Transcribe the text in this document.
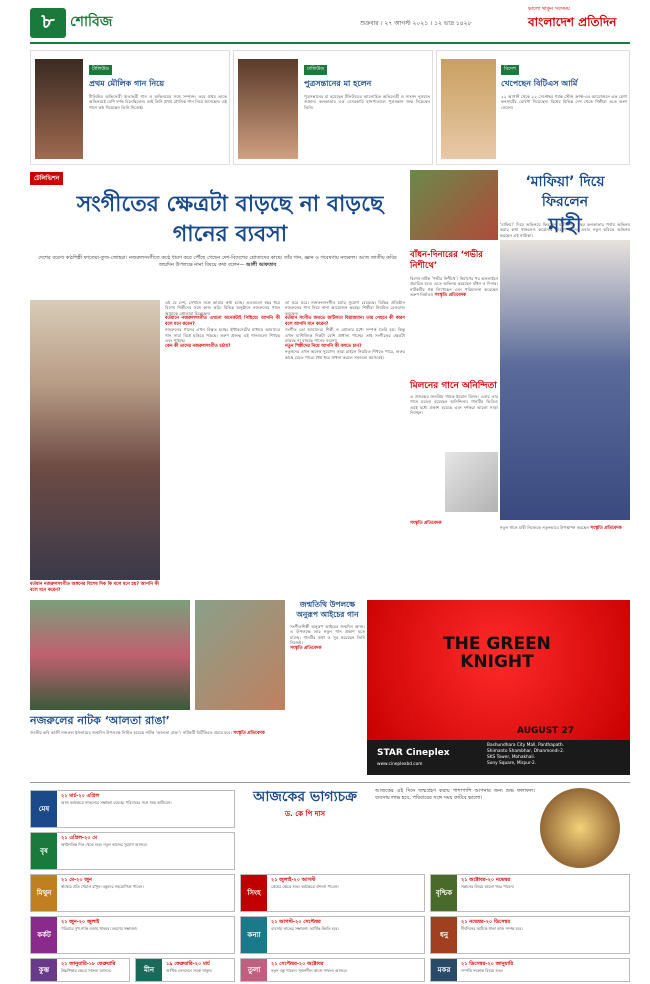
৮	শোবিজ	শুক্রবার । ২৭ আগস্ট ২০২১ । ১২ ভাদ্র ১৪২৮
ভালো থাকুন সবসময়
বাংলাদেশ প্রতিদিন
টালিউড
প্রথম মৌলিক গান নিয়ে
টালিউড অভিনেত্রী ঋতাভরী গান ও অভিনয়ের সঙ্গে সম্পৃক্ত। তবে প্রথম তাকে অভিনয়েই বেশি দর্শক চিনেছিলেন। তাই তিনি প্রথম মৌলিক গান নিয়ে আসছেন। এই গানে কণ্ঠ দিয়েছেন তিনি নিজেই।
ঢালিউড
পুত্রসন্তানের মা হলেন
পুত্রসন্তানের মা হয়েছেন টলিউডের আলোচিত অভিনেত্রী ও সাংসদ নুসরাত জাহান। কলকাতার এক বেসরকারি হাসপাতালে পুত্রসন্তান জন্ম দিয়েছেন তিনি।
বিদেশ
খেপেছেন বিটিএস আর্মি
২২ আগস্ট থেকে ২২ সেপ্টেম্বর পর্যন্ত স্টেজ ক্রাফ্ট-এর আয়োজনে এক মেগা কনসার্টের ঘোষণা দিয়েছেন। বিশ্বের বিভিন্ন দেশ থেকে শিল্পীরা এতে অংশ নেবেন।
টেলিভিশন
সংগীতের ক্ষেত্রটা বাড়ছে না বাড়ছে গানের ব্যবসা
দেশের বরেণ্য কণ্ঠশিল্পী ফাতেমা-তুজ-জোহরা। নজরুলসংগীতে কণ্ঠে ধারণ করে পৌঁছে গেছেন দেশ-বিদেশের শ্রোতাদের কাছে। তাঁর গান, জ্ঞান ও গবেষণায় নজরুল। আজ জাতীয় কবির জন্মদিন উপলক্ষে নানা বিষয়ে কথা বলেন— আলী আফতাব
বর্তমান নজরুলসংগীত অঙ্গনের বিশেষ দিক কি বলে মনে হয়? আপনি কী বলে মনে করেন?

এই যে দেশ, সেখানে সঙ্গে আমার কথা হচ্ছে। এতগুলো বছর ধরে বিশেষ শিল্পীদের সঙ্গে কাজ করি। বিভিন্ন অনুষ্ঠানে নজরুলের গানে আমাকে শ্রোতারা চিনেছেন।

বর্তমানে নজরুলসংগীত এখনো অনেকটাই পিছিয়ে। আপনি কী বলে মনে করেন?

নজরুলের গানের এখন বিস্তৃত হচ্ছে। ইন্টারনেটের মাধ্যমে আমাদের গান সারা বিশ্বে ছড়িয়ে পড়ছে। তরুণ প্রজন্ম এই গানগুলো শিখছে এবং গাইছে।

কেন কী তাদের নজরুলসংগীত চর্চায়?

তা ঘরে ঘরে। নজরুলসংগীত চর্চার সুযোগ বেড়েছে। বিভিন্ন প্রতিষ্ঠান নজরুলের গান নিয়ে নানা আয়োজন করছে। শিল্পীরা নিয়মিত রেওয়াজ করছেন।

বর্তমান সংগীত জগতে জটিলতা বিরাজমান। তার পেছনে কী কারণ বলে আপনি মনে করেন?

সংগীত তো আমাদের। শিল্পী ও শ্রোতার মধ্যে সম্পর্ক তৈরি হয়। কিন্তু এখন বাণিজ্যিক দিকটা বেশি প্রাধান্য পাচ্ছে। তাই সংগীতের ক্ষেত্রটা বাড়ছে না বাড়ছে গানের ব্যবসা।

নতুন শিল্পীদের নিয়ে আপনি কী বলতে চান?

নতুনদের এখন অনেক সুযোগ। তারা চাইলে নিয়মিত শিখতে পারে, গুরুর কাছে যেতে পারে। ধৈর্য ধরে সাধনা করলে সফলতা আসবেই।

বাঁধন-দিনারের ‘গভীর নিশীথে’
বিশেষ নাটক ‘গভীর নিশীথে’। নির্মাণের পর অনলাইনে প্রচারিত হবে। এতে অভিনয় করেছেন বাঁধন ও দিনার। নাটকটির গল্প লিখেছেন এবং পরিচালনা করেছেন তরুণ নির্মাতা। সংস্কৃতি প্রতিবেদক
মিলনের গানে অনিন্দিতা
এ প্রজন্মের জনপ্রিয় গায়ক ইমরান মিলন। এবার তার গানে মডেল হয়েছেন অনিন্দিতা। গানটির ভিডিও এরই মধ্যে প্রকাশ হয়েছে এবং দর্শকরা ভালো সাড়া দিচ্ছেন।
সংস্কৃতি প্রতিবেদক
‘মাফিয়া’ দিয়ে ফিরলেন
মাহী
‘মাফিয়া’ দিয়ে অভিনয়ে ফিরলেন মাহী। গত বছর কলকাতার পর্দায় অভিনয় করার কথা থাকলেও করোনার কারণে হয়নি। এবার নতুন ছবিতে অভিনয় করছেন এই নায়িকা।
নতুন গানে মাহী নিজেকে নতুনভাবে উপস্থাপন করছেন সংস্কৃতি প্রতিবেদক
নজরুলের নাটক ‘আলতা রাঙা’
জাতীয় কবি কাজী নজরুল ইসলামের জন্মদিন উপলক্ষে নির্মিত হয়েছে নাটক ‘আলতা রাঙা’। নাটকটি বিটিভিতে প্রচার হবে। সংস্কৃতি প্রতিবেদক
জন্মতিথি উপলক্ষে অনুরূপ আইচের গান
সংগীতশিল্পী অনুরূপ আইচের জন্মদিন আজ। এ উপলক্ষে তার নতুন গান প্রকাশ হতে যাচ্ছে। গানটির কথা ও সুর করেছেন তিনি নিজেই।
সংস্কৃতি প্রতিবেদক	THE GREEN KNIGHT
AUGUST 27
STAR Cineplex
www.cineplexbd.com
Bashundhara City Mall, Panthapath.
Shimanto Shambhar, Dhanmondi-2.
SKS Tower, Mohakhali.
Sony Square, Mirpur-2.
আজকের ভাগ্যচক্র
ড. কে পি দাস
আজকের এই দিনে জন্মগ্রহণ করায় পাশাপাশি আপনার জন্য শুভ ফলাফল। ব্যবসায় লাভ হবে, পরিবারের সঙ্গে সময় কাটবে ভালো।
মেষ
২১ মার্চ-২০ এপ্রিল
আজ কর্মক্ষেত্রে সাফল্যের সম্ভাবনা রয়েছে। পরিবারের সঙ্গে সময় কাটাবেন।
বৃষ
২১ এপ্রিল-২০ মে
অর্থনৈতিক দিক থেকে শুভ। নতুন কাজের সুযোগ আসবে।
মিথুন
২১ মে-২০ জুন
স্বাস্থ্যের প্রতি খেয়াল রাখুন। বন্ধুদের সহযোগিতা পাবেন।
কর্কট
২১ জুন-২০ জুলাই
পরিবারে সুখ-শান্তি বজায় থাকবে। ভ্রমণের সম্ভাবনা।
সিংহ
২১ জুলাই-২০ আগস্ট
প্রেমের ক্ষেত্রে শুভ। কর্মক্ষেত্রে প্রশংসা পাবেন।
কন্যা
২১ আগস্ট-২০ সেপ্টেম্বর
ব্যবসায় লাভের সম্ভাবনা। আর্থিক উন্নতি হবে।
তুলা
২১ সেপ্টেম্বর-২০ অক্টোবর
নতুন বন্ধু পাবেন। সৃজনশীল কাজে সাফল্য আসবে।
বৃশ্চিক
২১ অক্টোবর-২০ নভেম্বর
সন্তানের বিষয়ে ভালো খবর পাবেন।
ধনু
২১ নভেম্বর-২০ ডিসেম্বর
দীর্ঘদিনের আটকে থাকা কাজ সম্পন্ন হবে।
মকর
২১ ডিসেম্বর-২০ জানুয়ারি
সম্পত্তি সংক্রান্ত বিষয়ে শুভ।
কুম্ভ
২১ জানুয়ারি-১৮ ফেব্রুয়ারি
উচ্চশিক্ষার ক্ষেত্রে সাফল্য আসবে।	মীন
১৯ ফেব্রুয়ারি-২০ মার্চ
আর্থিক লেনদেনে সতর্ক থাকুন।
